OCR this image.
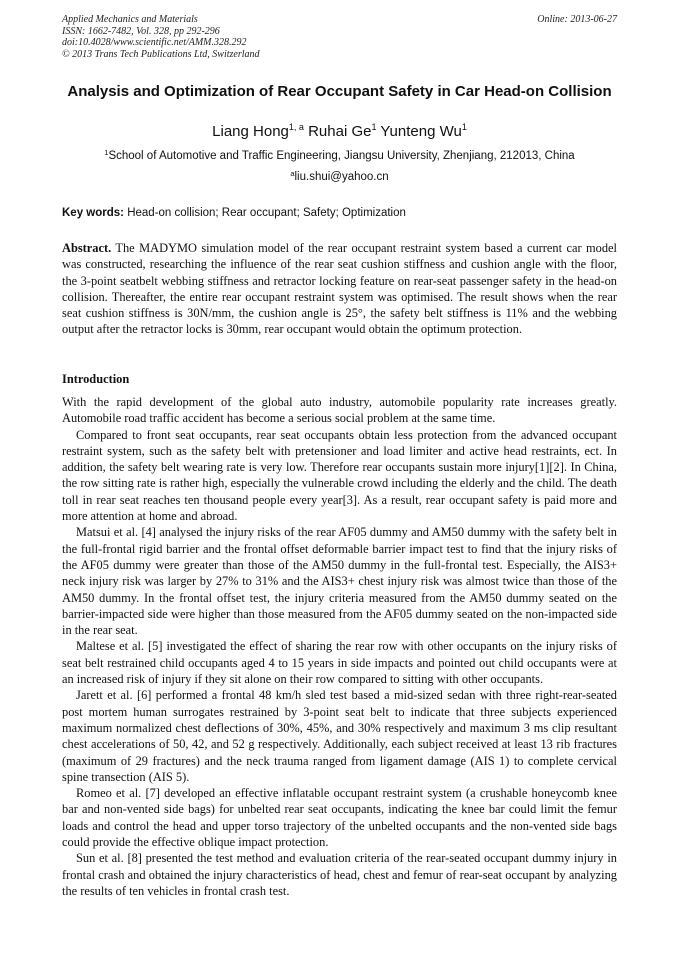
Applied Mechanics and Materials	Online: 2013-06-27
ISSN: 1662-7482, Vol. 328, pp 292-296
doi:10.4028/www.scientific.net/AMM.328.292
© 2013 Trans Tech Publications Ltd, Switzerland
Analysis and Optimization of Rear Occupant Safety in Car Head-on Collision
Liang Hong$^{1, a}$ Ruhai Ge$^1$ Yunteng Wu$^1$
$^1$School of Automotive and Traffic Engineering, Jiangsu University, Zhenjiang, 212013, China
$^a$liu.shui@yahoo.cn
Key words: Head-on collision; Rear occupant; Safety; Optimization

Abstract. The MADYMO simulation model of the rear occupant restraint system based a current car model was constructed, researching the influence of the rear seat cushion stiffness and cushion angle with the floor, the 3-point seatbelt webbing stiffness and retractor locking feature on rear-seat passenger safety in the head-on collision. Thereafter, the entire rear occupant restraint system was optimised. The result shows when the rear seat cushion stiffness is 30N/mm, the cushion angle is 25°, the safety belt stiffness is 11% and the webbing output after the retractor locks is 30mm, rear occupant would obtain the optimum protection.

Introduction

With the rapid development of the global auto industry, automobile popularity rate increases greatly. Automobile road traffic accident has become a serious social problem at the same time.

Compared to front seat occupants, rear seat occupants obtain less protection from the advanced occupant restraint system, such as the safety belt with pretensioner and load limiter and active head restraints, ect. In addition, the safety belt wearing rate is very low. Therefore rear occupants sustain more injury[1][2]. In China, the row sitting rate is rather high, especially the vulnerable crowd including the elderly and the child. The death toll in rear seat reaches ten thousand people every year[3]. As a result, rear occupant safety is paid more and more attention at home and abroad.

Matsui et al. [4] analysed the injury risks of the rear AF05 dummy and AM50 dummy with the safety belt in the full-frontal rigid barrier and the frontal offset deformable barrier impact test to find that the injury risks of the AF05 dummy were greater than those of the AM50 dummy in the full-frontal test. Especially, the AIS3+ neck injury risk was larger by 27% to 31% and the AIS3+ chest injury risk was almost twice than those of the AM50 dummy. In the frontal offset test, the injury criteria measured from the AM50 dummy seated on the barrier-impacted side were higher than those measured from the AF05 dummy seated on the non-impacted side in the rear seat.

Maltese et al. [5] investigated the effect of sharing the rear row with other occupants on the injury risks of seat belt restrained child occupants aged 4 to 15 years in side impacts and pointed out child occupants were at an increased risk of injury if they sit alone on their row compared to sitting with other occupants.

Jarett et al. [6] performed a frontal 48 km/h sled test based a mid-sized sedan with three right-rear-seated post mortem human surrogates restrained by 3-point seat belt to indicate that three subjects experienced maximum normalized chest deflections of 30%, 45%, and 30% respectively and maximum 3 ms clip resultant chest accelerations of 50, 42, and 52 g respectively. Additionally, each subject received at least 13 rib fractures (maximum of 29 fractures) and the neck trauma ranged from ligament damage (AIS 1) to complete cervical spine transection (AIS 5).

Romeo et al. [7] developed an effective inflatable occupant restraint system (a crushable honeycomb knee bar and non-vented side bags) for unbelted rear seat occupants, indicating the knee bar could limit the femur loads and control the head and upper torso trajectory of the unbelted occupants and the non-vented side bags could provide the effective oblique impact protection.

Sun et al. [8] presented the test method and evaluation criteria of the rear-seated occupant dummy injury in frontal crash and obtained the injury characteristics of head, chest and femur of rear-seat occupant by analyzing the results of ten vehicles in frontal crash test.
